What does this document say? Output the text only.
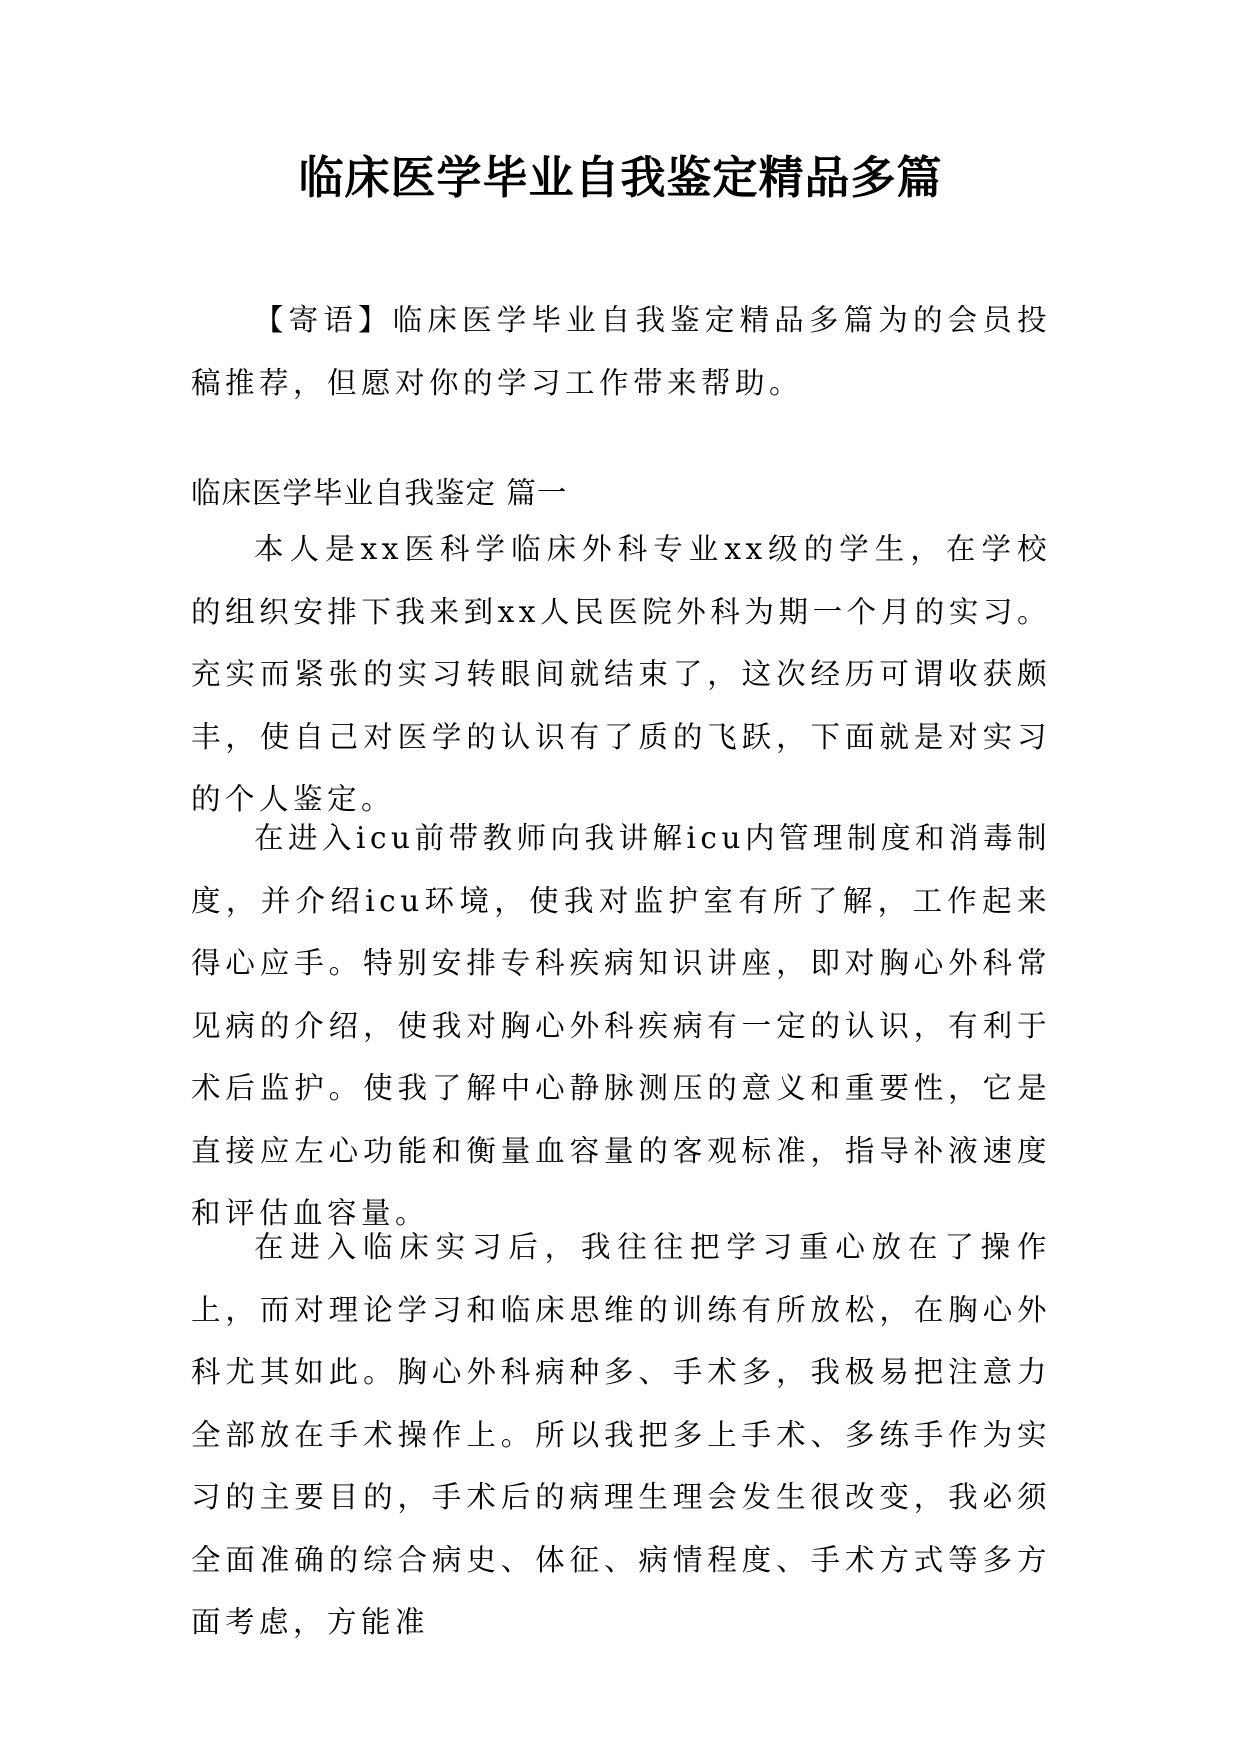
临床医学毕业自我鉴定精品多篇

【寄语】临床医学毕业自我鉴定精品多篇为的会员投稿推荐，但愿对你的学习工作带来帮助。

临床医学毕业自我鉴定 篇一

本人是xx医科学临床外科专业xx级的学生，在学校的组织安排下我来到xx人民医院外科为期一个月的实习。充实而紧张的实习转眼间就结束了，这次经历可谓收获颇丰，使自己对医学的认识有了质的飞跃，下面就是对实习的个人鉴定。

在进入icu前带教师向我讲解icu内管理制度和消毒制度，并介绍icu环境，使我对监护室有所了解，工作起来得心应手。特别安排专科疾病知识讲座，即对胸心外科常见病的介绍，使我对胸心外科疾病有一定的认识，有利于术后监护。使我了解中心静脉测压的意义和重要性，它是直接应左心功能和衡量血容量的客观标准，指导补液速度和评估血容量。

在进入临床实习后，我往往把学习重心放在了操作上，而对理论学习和临床思维的训练有所放松，在胸心外科尤其如此。胸心外科病种多、手术多，我极易把注意力全部放在手术操作上。所以我把多上手术、多练手作为实习的主要目的，手术后的病理生理会发生很改变，我必须全面准确的综合病史、体征、病情程度、手术方式等多方面考虑，方能准
